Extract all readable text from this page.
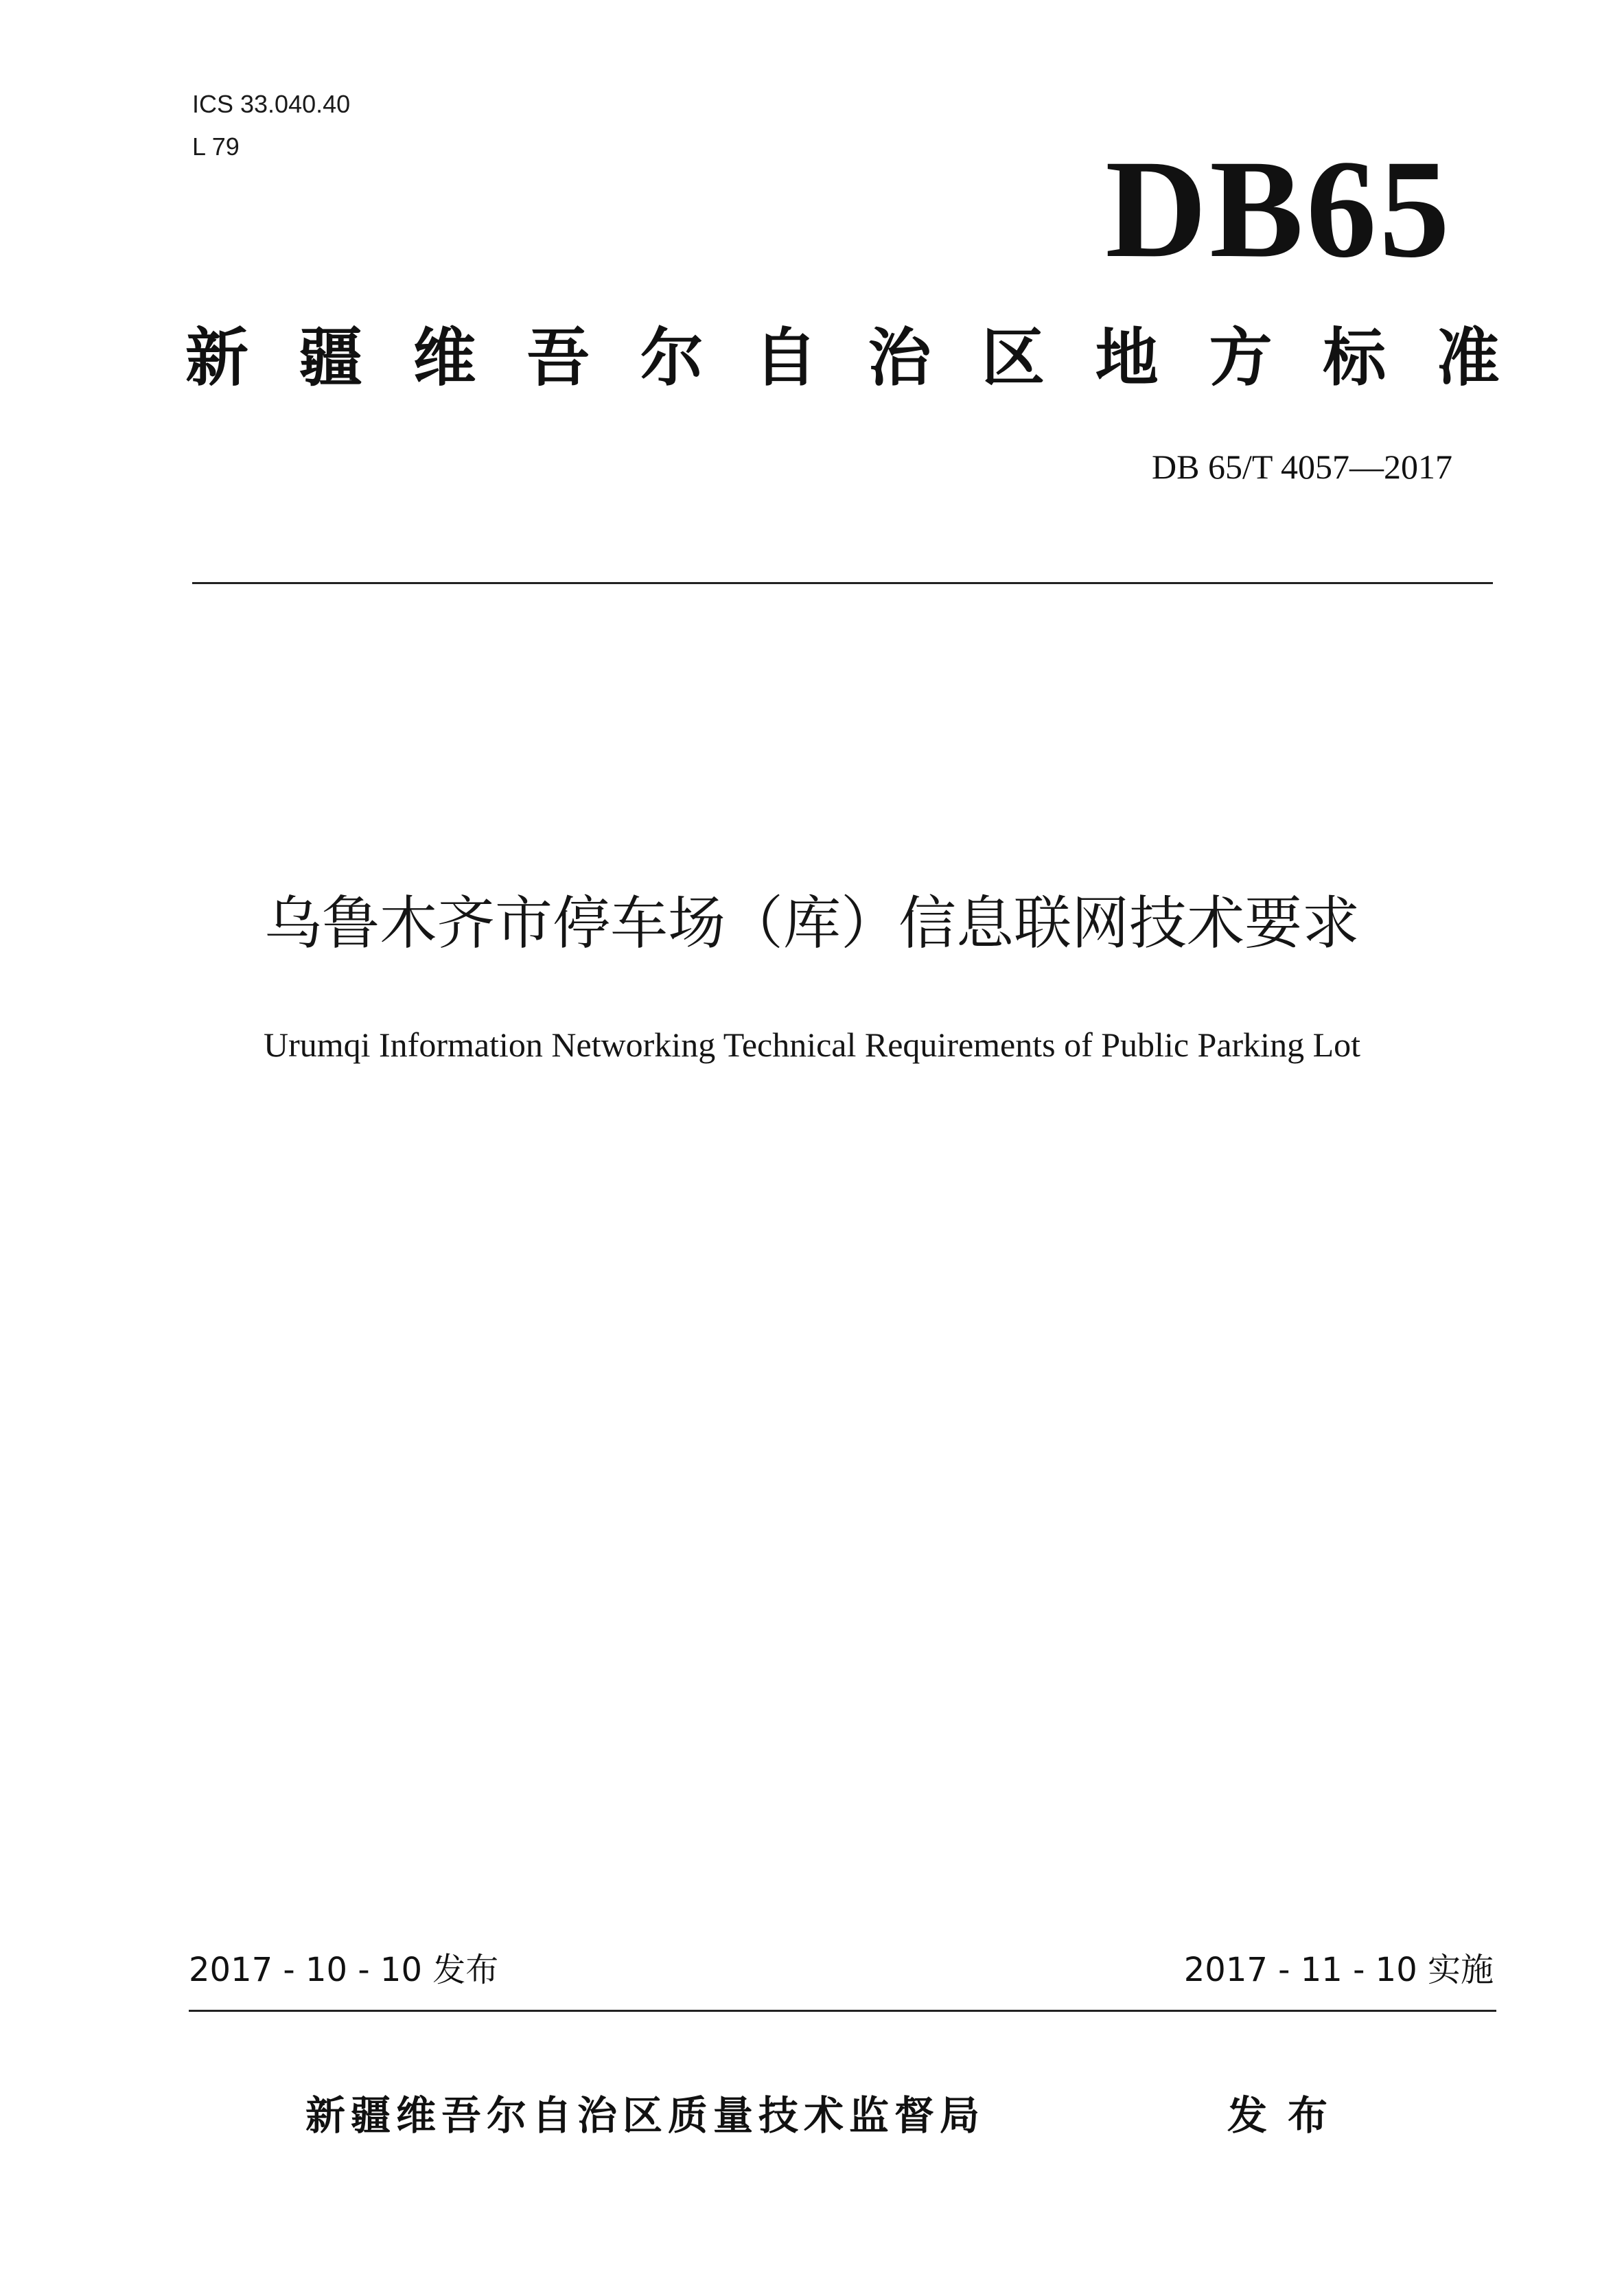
ICS 33.040.40
L 79	DB65
新 疆 维 吾 尔 自 治 区 地 方 标 准
DB 65/T 4057—2017
乌鲁木齐市停车场（库）信息联网技术要求
Urumqi Information Networking Technical Requirements of Public Parking Lot
2017 - 10 - 10 发布	2017 - 11 - 10 实施
新疆维吾尔自治区质量技术监督局	发布
